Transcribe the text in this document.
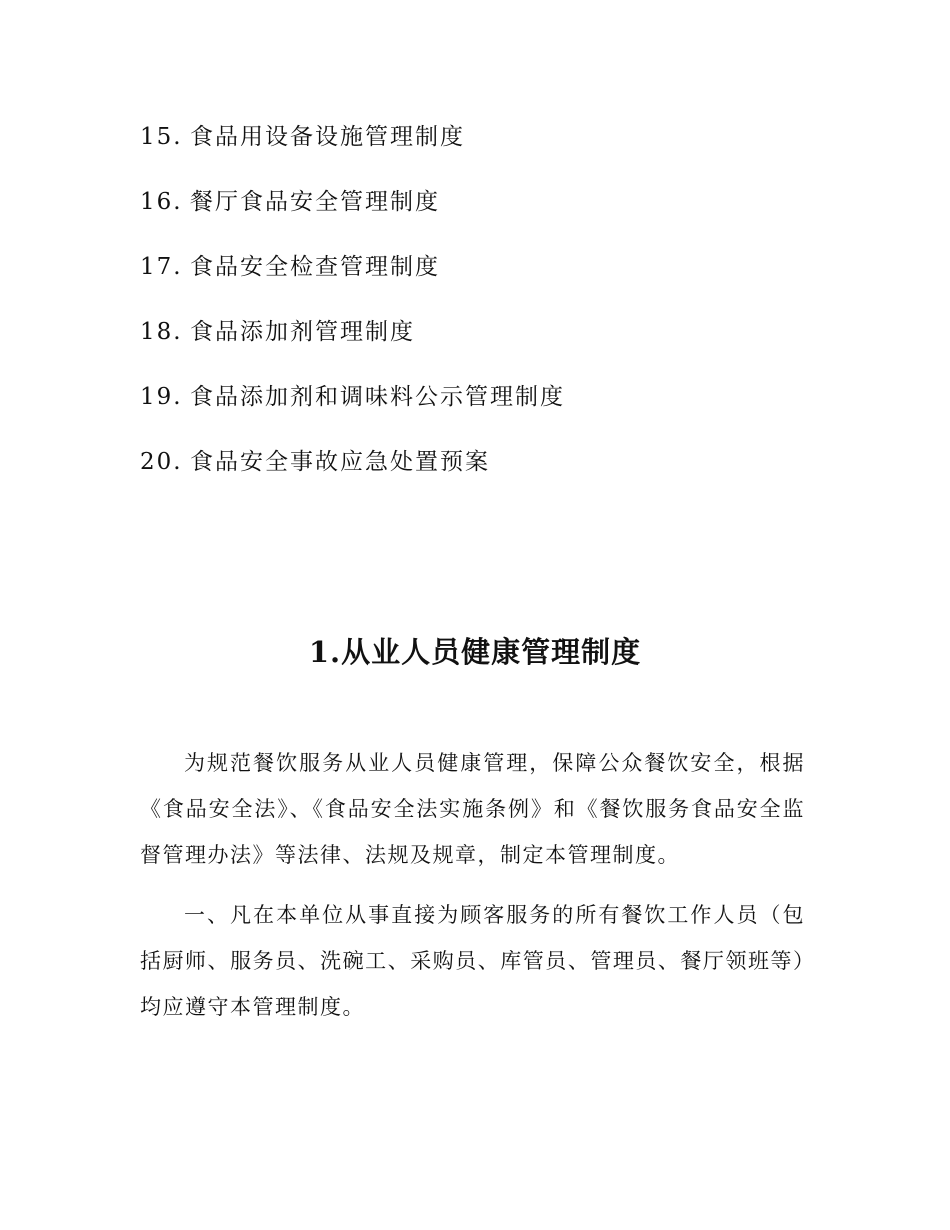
15. 食品用设备设施管理制度
16. 餐厅食品安全管理制度
17. 食品安全检查管理制度
18. 食品添加剂管理制度
19. 食品添加剂和调味料公示管理制度
20. 食品安全事故应急处置预案
1.从业人员健康管理制度

为规范餐饮服务从业人员健康管理，保障公众餐饮安全，根据《食品安全法》、《食品安全法实施条例》和《餐饮服务食品安全监督管理办法》等法律、法规及规章，制定本管理制度。

一、凡在本单位从事直接为顾客服务的所有餐饮工作人员（包括厨师、服务员、洗碗工、采购员、库管员、管理员、餐厅领班等）均应遵守本管理制度。
